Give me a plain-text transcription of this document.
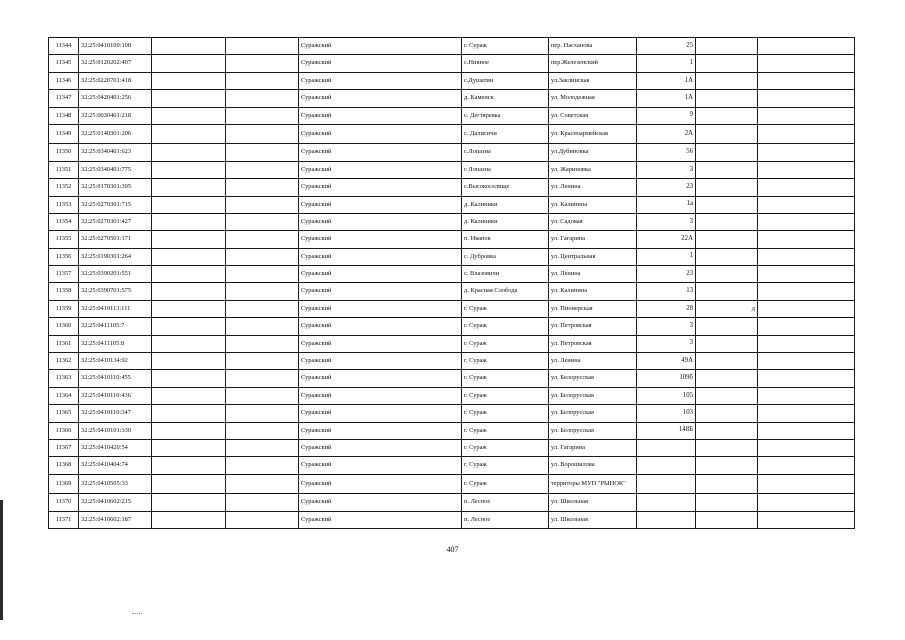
11344	32:25:0410109:108			Суражский	г. Сураж	пер. Пасханова	25		
11345	32:25:0120202:407			Суражский	с.Нивное	пер.Железенский	1		
11346	32:25:0220701:418			Суражский	с.Душатин	ул.Заклинская	1А		
11347	32:25:0420401:256			Суражский	д. Каменск	ул. Молодежная	1А		
11348	32:25:0030401:218			Суражский	с. Дегтяревка	ул. Советская	9		
11349	32:25:0140301:206			Суражский	с. Далисичи	ул. Красноармейская	2А		
11350	32:25:0340401:623			Суражский	с.Лопазна	ул.Дубиновка	56		
11351	32:25:0340401:775			Суражский	с Лопазна	ул. Жариновка	3		
11352	32:25:0170301:395			Суражский	с.Высокоселище	ул. Ленина	23		
11353	32:25:0270301:715			Суражский	д. Калиники	ул. Калинина	1а		
11354	32:25:0270301:427			Суражский	д. Калиники	ул. Садовая	3		
11355	32:25:0270501:171			Суражский	п. Иванов	ул. Гагарина	22А		
11356	32:25:0190301:264			Суражский	с. Дубровка	ул. Центральная	1		
11357	32:25:0390201:551			Суражский	с. Влазовичи	ул. Ленина	23		
11358	32:25:0390701:575			Суражский	д. Красная Слобода	ул. Калинина	13		
11359	32:25:0410113:111			Суражский	г. Сураж	ул. Пионерская	28	д	
11360	32:25:0411105:7			Суражский	г. Сураж	ул. Петровская	3		
11361	32:25:0411105:8			Суражский	г. Сураж	ул. Петровская	3		
11362	32:25:0410134:92			Суражский	г. Сураж	ул. Ленина	49А		
11363	32:25:0410110:455			Суражский	г. Сураж	ул. Белорусская	109б		
11364	32:25:0410110:436			Суражский	г. Сураж	ул. Белорусская	105		
11365	32:25:0410110:347			Суражский	г. Сураж	ул. Белорусская	103		
11366	32:25:0410101:330			Суражский	г. Сураж	ул. Белорусская	148Б		
11367	32:25:0410420:54			Суражский	г. Сураж	ул. Гагарина			
11368	32:25:0410404:74			Суражский	г. Сураж	ул. Ворошилова			
11369	32:25:0410505:33			Суражский	г. Сураж	территоры МУП "РЫНОК"			
11370	32:25:0410602:215			Суражский	п. Лесное	ул. Школьная			
11371	32:25:0410602:187			Суражский	п. Лесное	ул. Школьная			
407
